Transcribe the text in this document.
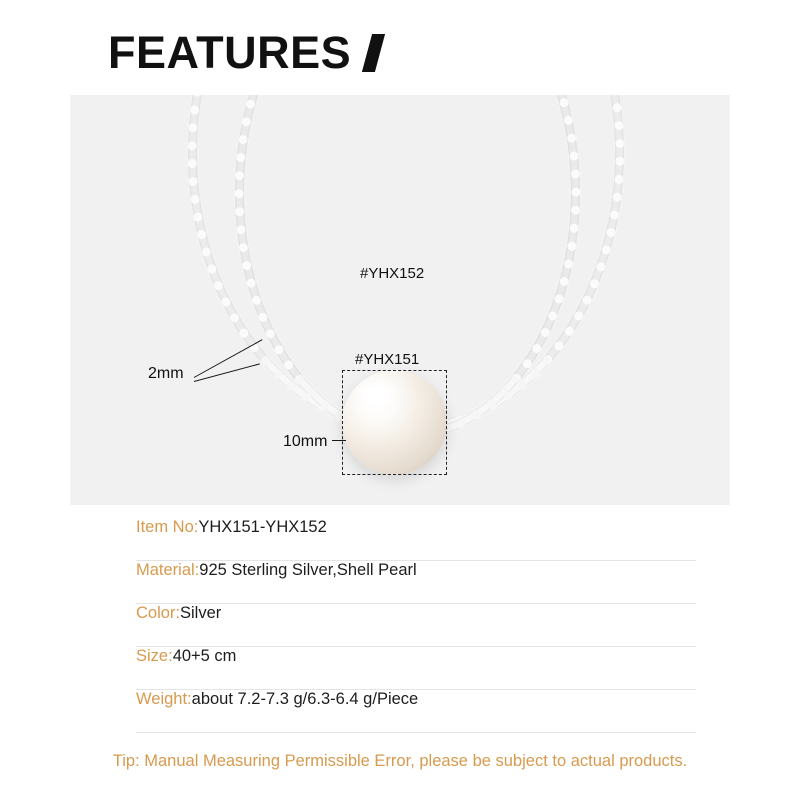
FEATURES
#YHX152
#YHX151
2mm
10mm
Item No: YHX151-YHX152
Material: 925 Sterling Silver,Shell Pearl
Color: Silver
Size: 40+5 cm
Weight: about 7.2-7.3 g/6.3-6.4 g/Piece
Tip: Manual Measuring Permissible Error, please be subject to actual products.
